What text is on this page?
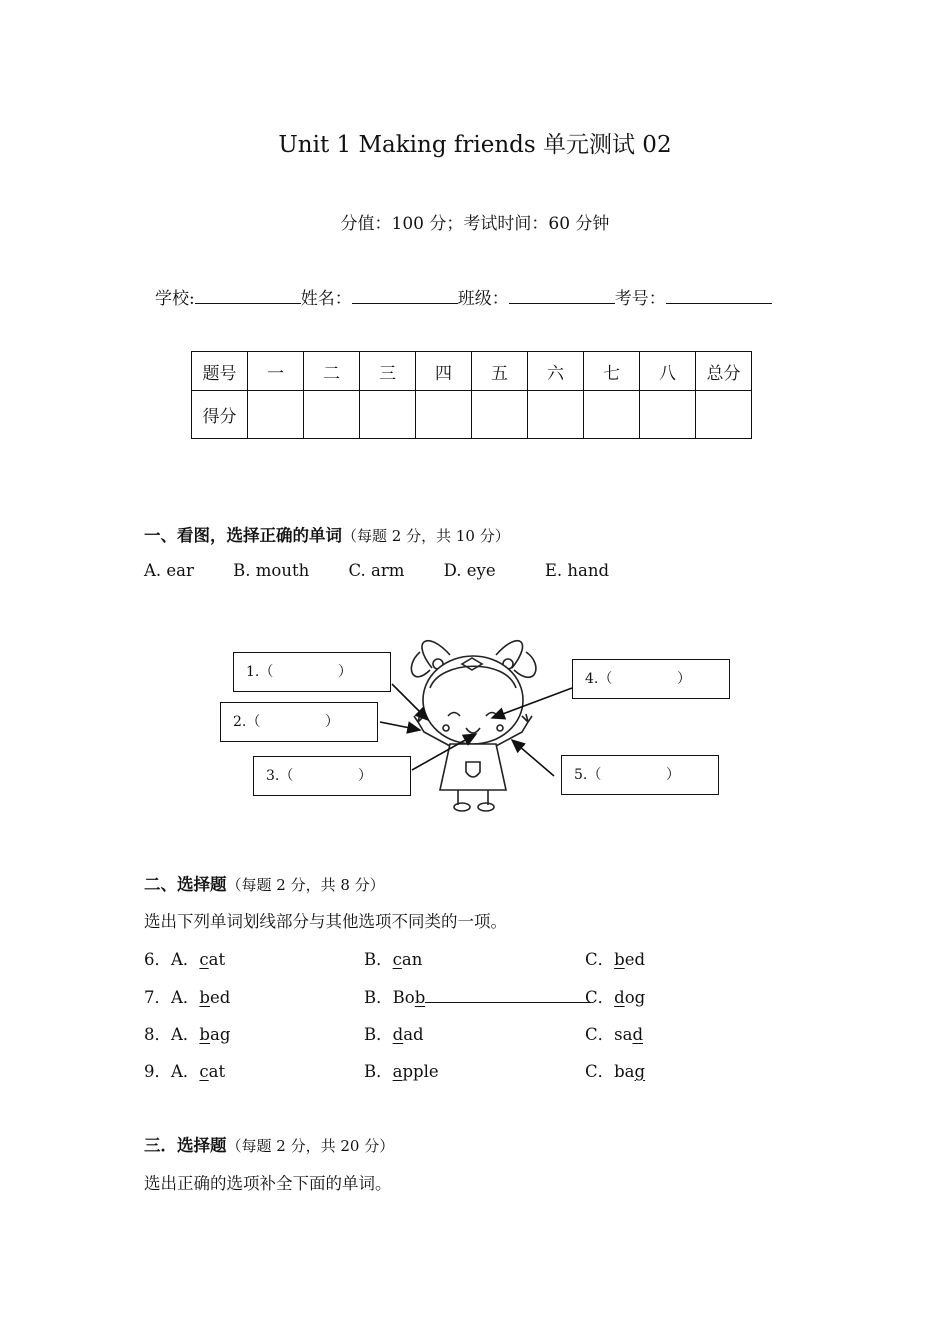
Unit 1 Making friends 单元测试 02
分值：100 分；考试时间：60 分钟
学校:	姓名：	班级：	考号：
题号	一	二	三	四	五	六	七	八	总分
得分									
一、看图，选择正确的单词（每题 2 分，共 10 分）
A. ear B. mouth C. arm D. eye	E. hand
1.（	）
2.（	）
3.（	）
4.（	）
5.（	）
二、选择题（每题 2 分，共 8 分）
选出下列单词划线部分与其他选项不同类的一项。
6．A．cat	B．can	C．bed
7．A．bed	B．Bob	C．dog
8．A．bag	B．dad	C．sad
9．A．cat	B．apple	C．bag
三．选择题（每题 2 分，共 20 分）
选出正确的选项补全下面的单词。
